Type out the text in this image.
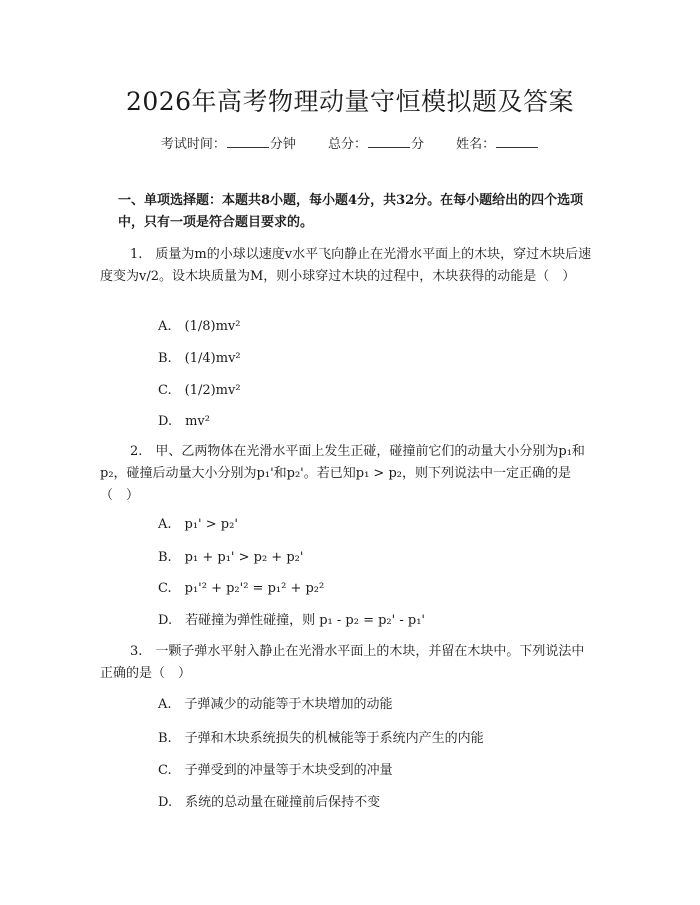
2026年高考物理动量守恒模拟题及答案
考试时间：	分钟 总分：	分 姓名：
一、单项选择题：本题共8小题，每小题4分，共32分。在每小题给出的四个选项中，只有一项是符合题目要求的。
1.　质量为m的小球以速度v水平飞向静止在光滑水平面上的木块，穿过木块后速度变为v/2。设木块质量为M，则小球穿过木块的过程中，木块获得的动能是（　）
A.　(1/8)mv²
B.　(1/4)mv²
C.　(1/2)mv²
D.　mv²
2.　甲、乙两物体在光滑水平面上发生正碰，碰撞前它们的动量大小分别为p₁和p₂，碰撞后动量大小分别为p₁'和p₂'。若已知p₁ > p₂，则下列说法中一定正确的是（　）
A.　p₁' > p₂'
B.　p₁ + p₁' > p₂ + p₂'
C.　p₁'² + p₂'² = p₁² + p₂²
D.　若碰撞为弹性碰撞，则 p₁ - p₂ = p₂' - p₁'
3.　一颗子弹水平射入静止在光滑水平面上的木块，并留在木块中。下列说法中正确的是（　）
A.　子弹减少的动能等于木块增加的动能
B.　子弹和木块系统损失的机械能等于系统内产生的内能
C.　子弹受到的冲量等于木块受到的冲量
D.　系统的总动量在碰撞前后保持不变
